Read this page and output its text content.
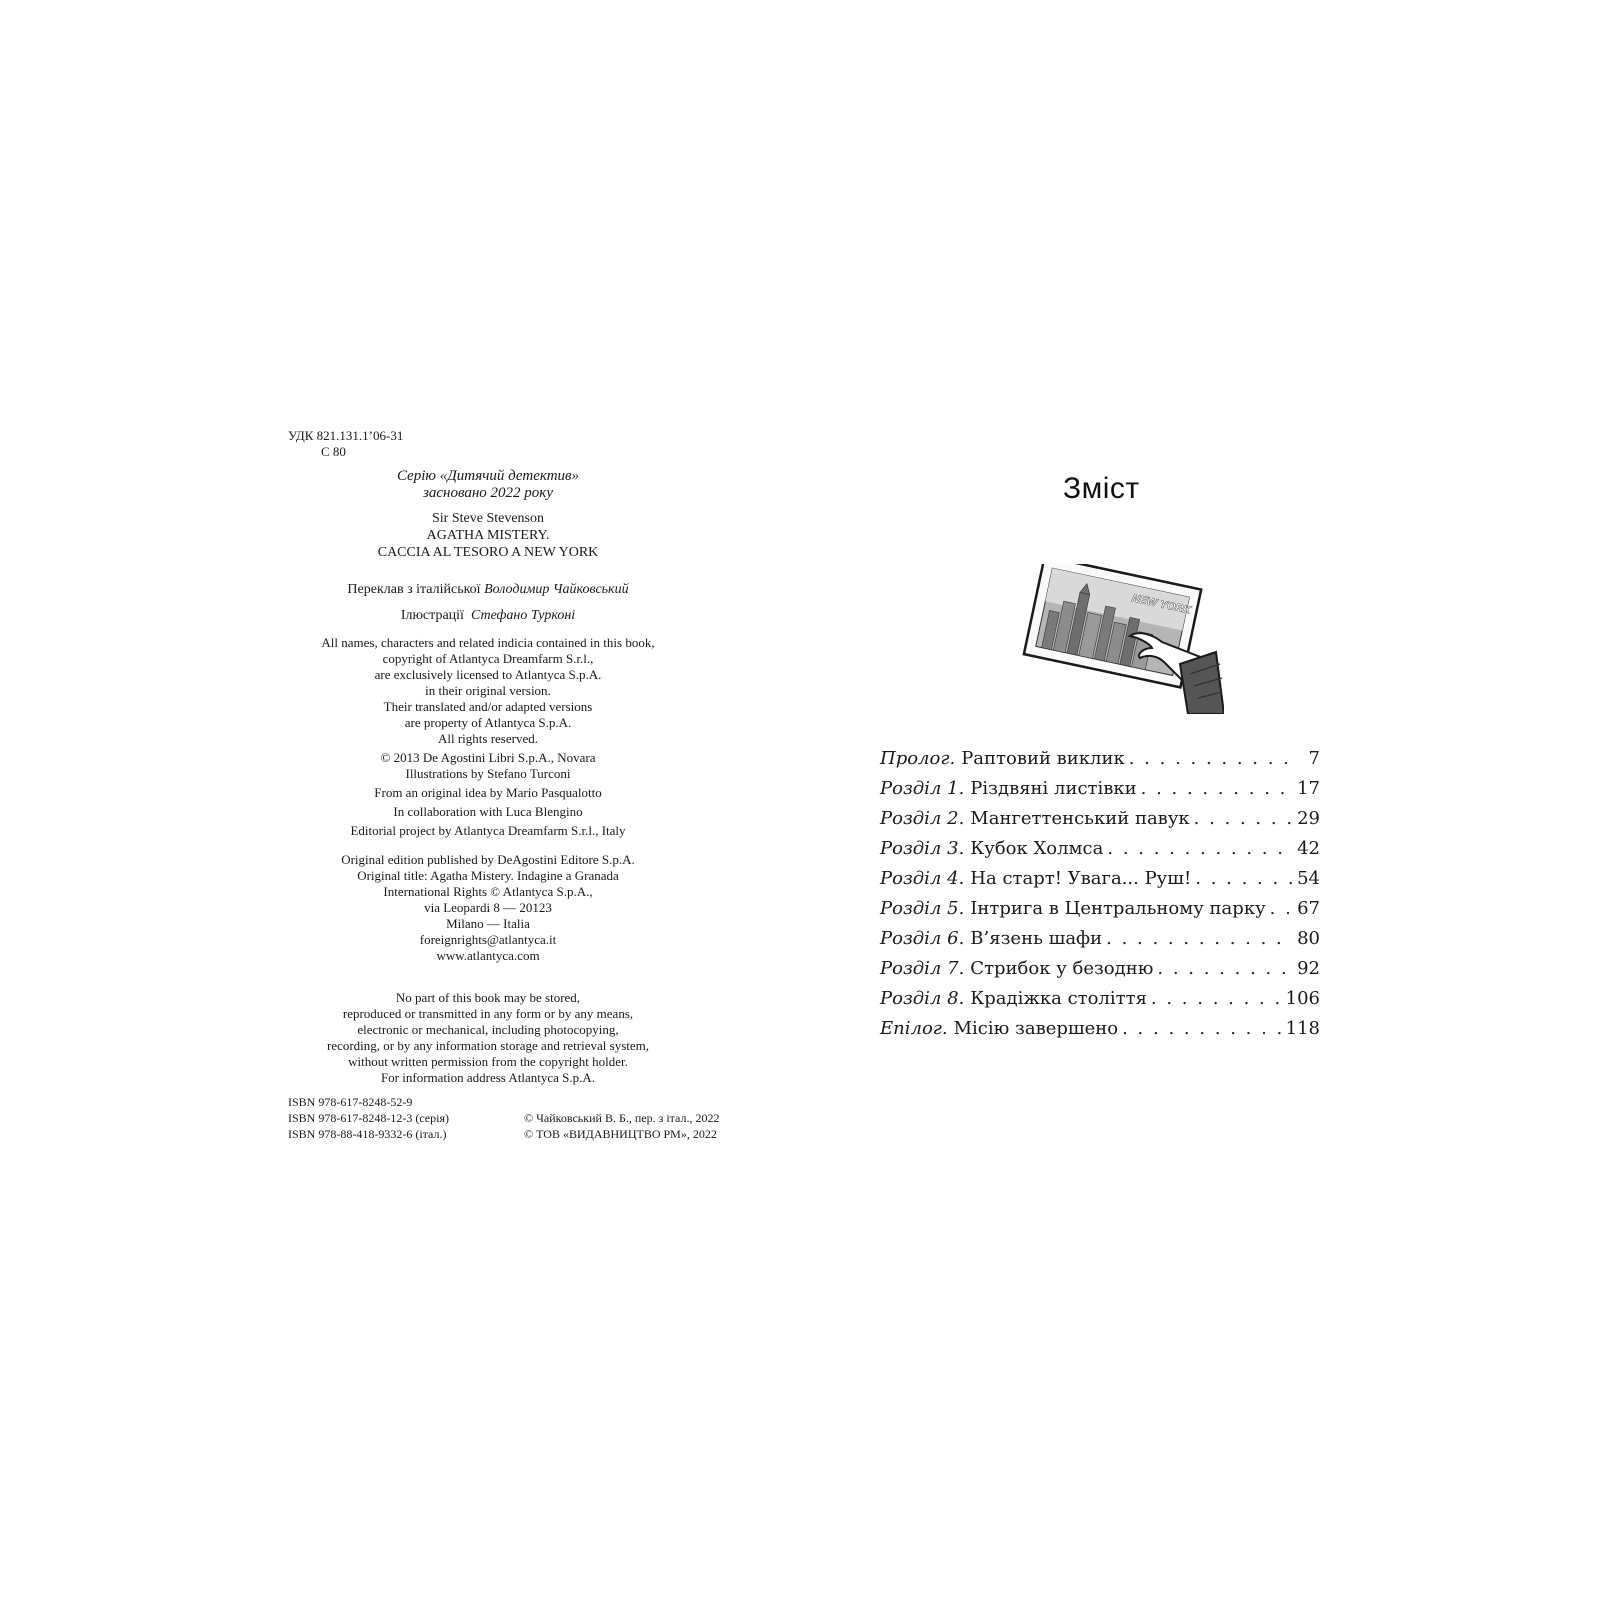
УДК 821.131.1’06-31
С 80
Серію «Дитячий детектив»
засновано 2022 року
Sir Steve Stevenson
AGATHA MISTERY.
CACCIA AL TESORO A NEW YORK
Переклав з італійської Володимир Чайковський
Ілюстрації Стефано Турконі
All names, characters and related indicia contained in this book,
copyright of Atlantyca Dreamfarm S.r.l.,
are exclusively licensed to Atlantyca S.p.A.
in their original version.
Their translated and/or adapted versions
are property of Atlantyca S.p.A.
All rights reserved.
© 2013 De Agostini Libri S.p.A., Novara
Illustrations by Stefano Turconi
From an original idea by Mario Pasqualotto
In collaboration with Luca Blengino
Editorial project by Atlantyca Dreamfarm S.r.l., Italy
Original edition published by DeAgostini Editore S.p.A.
Original title: Agatha Mistery. Indagine a Granada
International Rights © Atlantyca S.p.A.,
via Leopardi 8 — 20123
Milano — Italia
foreignrights@atlantyca.it
www.atlantyca.com
No part of this book may be stored,
reproduced or transmitted in any form or by any means,
electronic or mechanical, including photocopying,
recording, or by any information storage and retrieval system,
without written permission from the copyright holder.
For information address Atlantyca S.p.A.
ISBN 978-617-8248-52-9
ISBN 978-617-8248-12-3 (серія)
ISBN 978-88-418-9332-6 (італ.)
© Чайковський В. Б., пер. з італ., 2022
© ТОВ «ВИДАВНИЦТВО РМ», 2022
Зміст
NEW YORK
Пролог. Раптовий виклик . . .	7
Розділ 1. Різдвяні листівки . . .	17
Розділ 2. Мангеттенський павук . . .	29
Розділ 3. Кубок Холмса . . .	42
Розділ 4. На старт! Увага... Руш! . . .	54
Розділ 5. Інтрига в Центральному парку . . . 67
Розділ 6. В’язень шафи . . .	80
Розділ 7. Стрибок у безодню . . .	92
Розділ 8. Крадіжка століття . . .	106
Епілог. Місію завершено . . .	118
